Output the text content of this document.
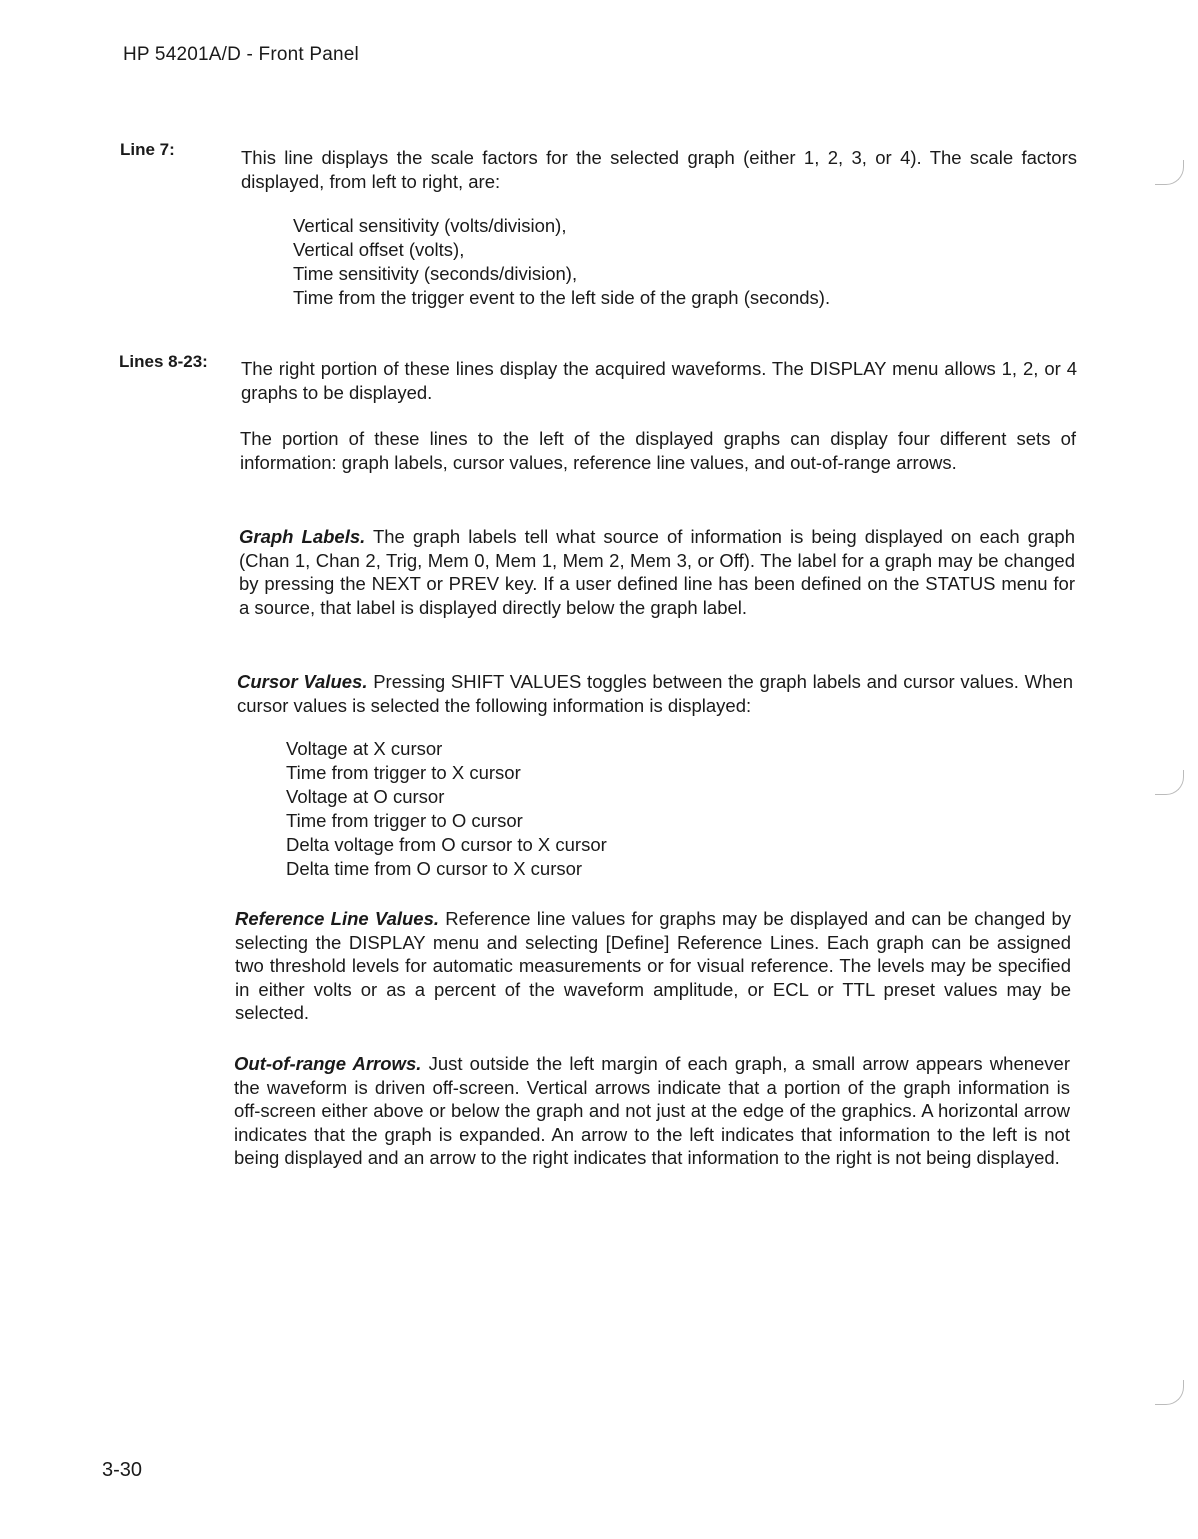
HP 54201A/D - Front Panel
Line 7:	This line displays the scale factors for the selected graph (either 1, 2, 3, or 4). The scale factors displayed, from left to right, are:

Vertical sensitivity (volts/division),
Vertical offset (volts),
Time sensitivity (seconds/division),
Time from the trigger event to the left side of the graph (seconds).
Lines 8-23: The right portion of these lines display the acquired waveforms. The DISPLAY menu allows 1, 2, or 4 graphs to be displayed.

The portion of these lines to the left of the displayed graphs can display four different sets of information: graph labels, cursor values, reference line values, and out-of-range arrows.

Graph Labels. The graph labels tell what source of information is being displayed on each graph (Chan 1, Chan 2, Trig, Mem 0, Mem 1, Mem 2, Mem 3, or Off). The label for a graph may be changed by pressing the NEXT or PREV key. If a user defined line has been defined on the STATUS menu for a source, that label is displayed directly below the graph label.

Cursor Values. Pressing SHIFT VALUES toggles between the graph labels and cursor values. When cursor values is selected the following information is displayed:

Voltage at X cursor
Time from trigger to X cursor
Voltage at O cursor
Time from trigger to O cursor
Delta voltage from O cursor to X cursor
Delta time from O cursor to X cursor

Reference Line Values. Reference line values for graphs may be displayed and can be changed by selecting the DISPLAY menu and selecting [Define] Reference Lines. Each graph can be assigned two threshold levels for automatic measurements or for visual reference. The levels may be specified in either volts or as a percent of the waveform amplitude, or ECL or TTL preset values may be selected.

Out-of-range Arrows. Just outside the left margin of each graph, a small arrow appears whenever the waveform is driven off-screen. Vertical arrows indicate that a portion of the graph information is off-screen either above or below the graph and not just at the edge of the graphics. A horizontal arrow indicates that the graph is expanded. An arrow to the left indicates that information to the left is not being displayed and an arrow to the right indicates that information to the right is not being displayed.

3-30
